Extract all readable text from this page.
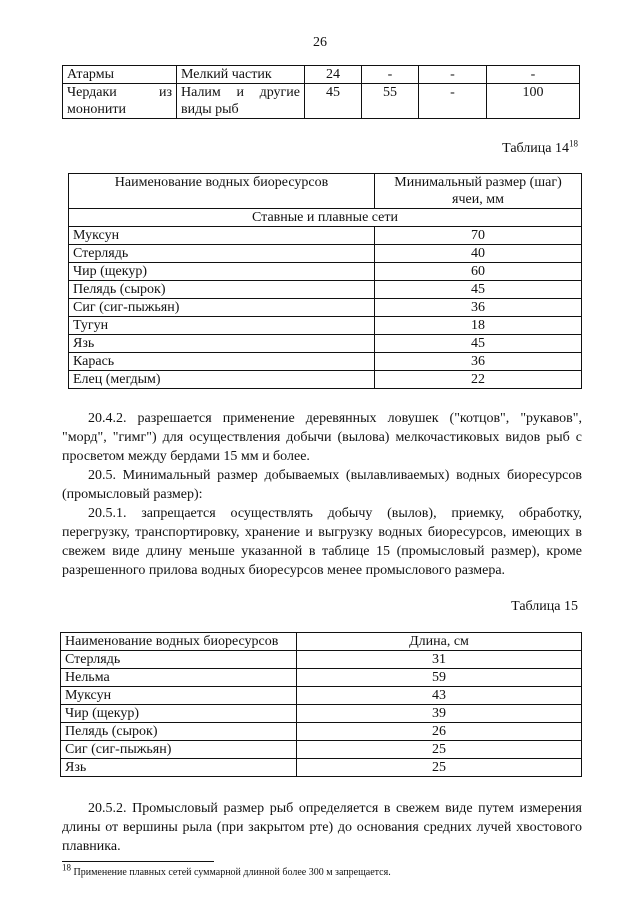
26
Атармы	Мелкий частик	24	-	-	-
Чердаки из мононити	Налим и другие виды рыб	45	55	-	100
Таблица $14^{18}$
Наименование водных биоресурсов	Минимальный размер (шаг) ячеи, мм
Ставные и плавные сети	
Муксун	70
Стерлядь	40
Чир (щекур)	60
Пелядь (сырок)	45
Сиг (сиг-пыжьян)	36
Тугун	18
Язь	45
Карась	36
Елец (мегдым)	22
20.4.2. разрешается применение деревянных ловушек ("котцов", "рукавов", "морд", "гимг") для осуществления добычи (вылова) мелкочастиковых видов рыб с просветом между бердами 15 мм и более.
20.5. Минимальный размер добываемых (вылавливаемых) водных биоресурсов (промысловый размер):
20.5.1. запрещается осуществлять добычу (вылов), приемку, обработку, перегрузку, транспортировку, хранение и выгрузку водных биоресурсов, имеющих в свежем виде длину меньше указанной в таблице 15 (промысловый размер), кроме разрешенного прилова водных биоресурсов менее промыслового размера.
Таблица 15
Наименование водных биоресурсов	Длина, см
Стерлядь	31
Нельма	59
Муксун	43
Чир (щекур)	39
Пелядь (сырок)	26
Сиг (сиг-пыжьян)	25
Язь	25
20.5.2. Промысловый размер рыб определяется в свежем виде путем измерения длины от вершины рыла (при закрытом рте) до основания средних лучей хвостового плавника.
$^{18}$ Применение плавных сетей суммарной длинной более 300 м запрещается.
